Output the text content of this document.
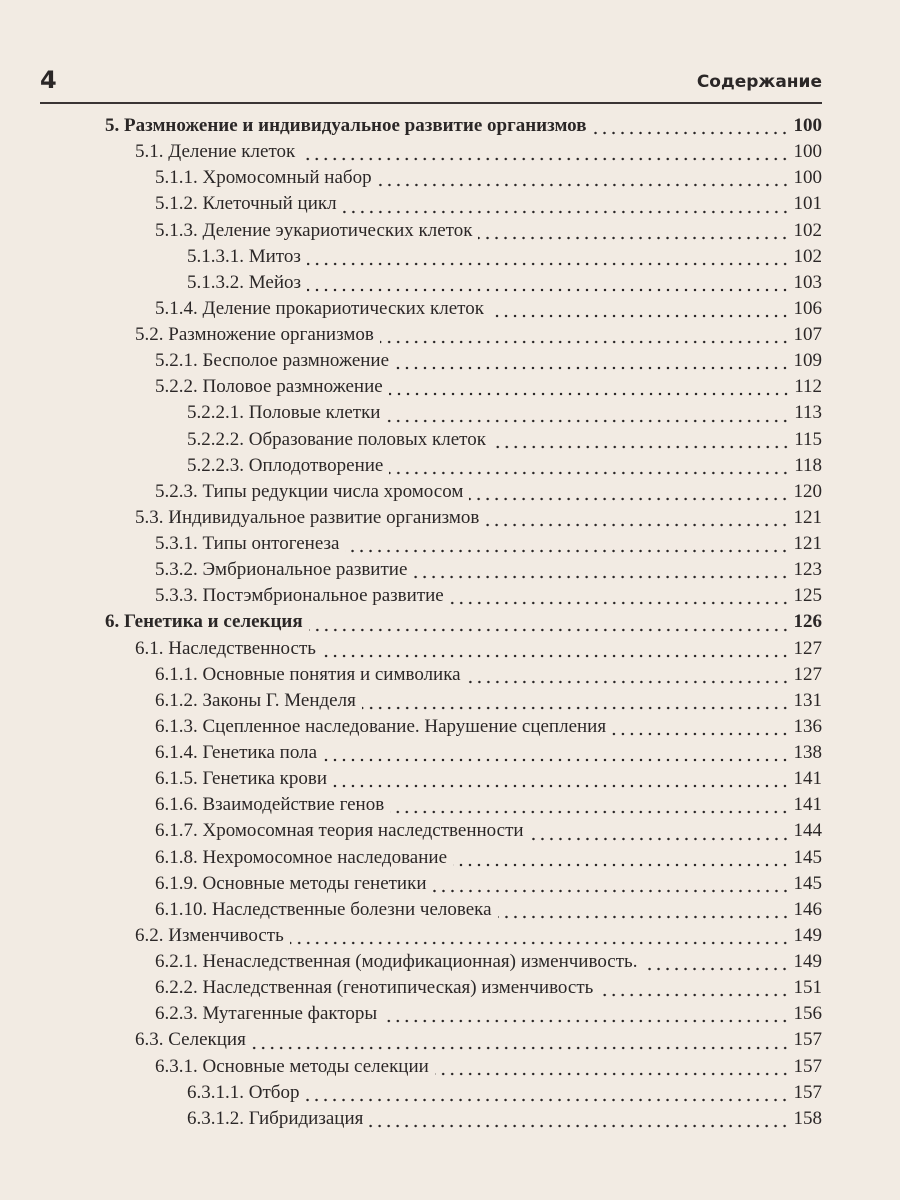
4	Содержание
5. Размножение и индивидуальное развитие организмов	100
5.1. Деление клеток	100
5.1.1. Хромосомный набор	100
5.1.2. Клеточный цикл	101
5.1.3. Деление эукариотических клеток	102
5.1.3.1. Митоз	102
5.1.3.2. Мейоз	103
5.1.4. Деление прокариотических клеток	106
5.2. Размножение организмов	107
5.2.1. Бесполое размножение	109
5.2.2. Половое размножение	112
5.2.2.1. Половые клетки	113
5.2.2.2. Образование половых клеток	115
5.2.2.3. Оплодотворение	118
5.2.3. Типы редукции числа хромосом	120
5.3. Индивидуальное развитие организмов	121
5.3.1. Типы онтогенеза	121
5.3.2. Эмбриональное развитие	123
5.3.3. Постэмбриональное развитие	125
6. Генетика и селекция	126
6.1. Наследственность	127
6.1.1. Основные понятия и символика	127
6.1.2. Законы Г. Менделя	131
6.1.3. Сцепленное наследование. Нарушение сцепления	136
6.1.4. Генетика пола	138
6.1.5. Генетика крови	141
6.1.6. Взаимодействие генов	141
6.1.7. Хромосомная теория наследственности	144
6.1.8. Нехромосомное наследование	145
6.1.9. Основные методы генетики	145
6.1.10. Наследственные болезни человека	146
6.2. Изменчивость	149
6.2.1. Ненаследственная (модификационная) изменчивость.	149
6.2.2. Наследственная (генотипическая) изменчивость	151
6.2.3. Мутагенные факторы	156
6.3. Селекция	157
6.3.1. Основные методы селекции	157
6.3.1.1. Отбор	157
6.3.1.2. Гибридизация	158
